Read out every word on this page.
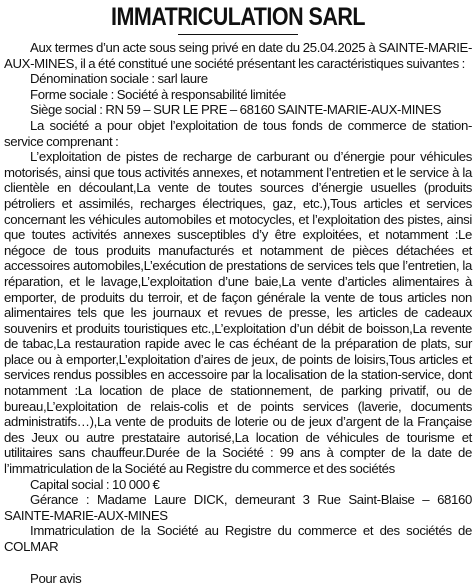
IMMATRICULATION SARL

Aux termes d’un acte sous seing privé en date du 25.04.2025 à SAINTE-MARIE-AUX-MINES, il a été constitué une société présentant les caractéristiques suivantes :

Dénomination sociale : sarl laure

Forme sociale : Société à responsabilité limitée

Siège social : RN 59 – SUR LE PRE – 68160 SAINTE-MARIE-AUX-MINES

La société a pour objet l’exploitation de tous fonds de commerce de station-service comprenant :

L’exploitation de pistes de recharge de carburant ou d’énergie pour véhicules motorisés, ainsi que tous activités annexes, et notamment l’entretien et le service à la clientèle en découlant,La vente de toutes sources d’énergie usuelles (produits pétroliers et assimilés, recharges électriques, gaz, etc.),Tous articles et services concernant les véhicules automobiles et motocycles, et l’exploitation des pistes, ainsi que toutes activités annexes susceptibles d’y être exploitées, et notamment :Le négoce de tous produits manufacturés et notamment de pièces détachées et accessoires automobiles,L’exécution de prestations de services tels que l’entretien, la réparation, et le lavage,L’exploitation d’une baie,La vente d’articles alimentaires à emporter, de produits du terroir, et de façon générale la vente de tous articles non alimentaires tels que les journaux et revues de presse, les articles de cadeaux souvenirs et produits touristiques etc.,L’exploitation d’un débit de boisson,La revente de tabac,La restauration rapide avec le cas échéant de la préparation de plats, sur place ou à emporter,L’exploitation d’aires de jeux, de points de loisirs,Tous articles et services rendus possibles en accessoire par la localisation de la station-service, dont notamment :La location de place de stationnement, de parking privatif, ou de bureau,L’exploitation de relais-colis et de points services (laverie, documents administratifs…),La vente de produits de loterie ou de jeux d’argent de la Française des Jeux ou autre prestataire autorisé,La location de véhicules de tourisme et utilitaires sans chauffeur.Durée de la Société : 99 ans à compter de la date de l’immatriculation de la Société au Registre du commerce et des sociétés

Capital social : 10 000 €

Gérance : Madame Laure DICK, demeurant 3 Rue Saint-Blaise – 68160 SAINTE-MARIE-AUX-MINES

Immatriculation de la Société au Registre du commerce et des sociétés de COLMAR

Pour avis
